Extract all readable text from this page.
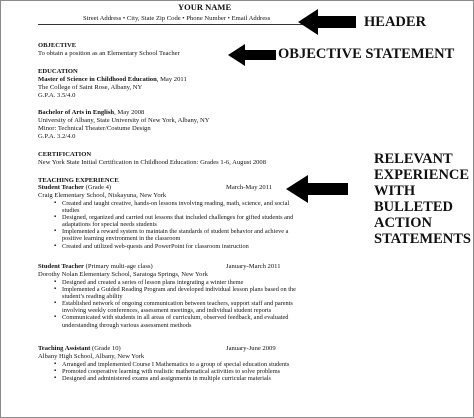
YOUR NAME
Street Address • City, State Zip Code • Phone Number • Email Address
OBJECTIVE
To obtain a position as an Elementary School Teacher
EDUCATION
Master of Science in Childhood Education, May 2011
The College of Saint Rose, Albany, NY
G.P.A. 3.5/4.0
Bachelor of Arts in English, May 2008
University of Albany, State University of New York, Albany, NY
Minor: Technical Theater/Costume Design
G.P.A. 3.2/4.0
CERTIFICATION
New York State Initial Certification in Childhood Education: Grades 1-6, August 2008
TEACHING EXPERIENCE
Student Teacher (Grade 4)	March-May 2011
Craig Elementary School, Niskayuna, New York
▪ Created and taught creative, hands-on lessons involving reading, math, science, and social studies
▪ Designed, organized and carried out lessons that included challenges for gifted students and adaptations for special needs students
▪ Implemented a reward system to maintain the standards of student behavior and achieve a positive learning environment in the classroom
▪ Created and utilized web-quests and PowerPoint for classroom instruction
Student Teacher (Primary multi-age class)	January-March 2011
Dorothy Nolan Elementary School, Saratoga Springs, New York
▪ Designed and created a series of lesson plans integrating a winter theme
▪ Implemented a Guided Reading Program and developed individual lesson plans based on the student’s reading ability
▪ Established network of ongoing communication between teachers, support staff and parents involving weekly conferences, assessment meetings, and individual student reports
▪ Communicated with students in all areas of curriculum, observed feedback, and evaluated understanding through various assessment methods
Teaching Assistant (Grade 10)	January-June 2009
Albany High School, Albany, New York
▪ Arranged and implemented Course I Mathematics to a group of special education students
▪ Promoted cooperative learning with realistic mathematical activities to solve problems
▪ Designed and administered exams and assignments in multiple curricular materials
HEADER
OBJECTIVE STATEMENT
RELEVANT
EXPERIENCE
WITH
BULLETED
ACTION
STATEMENTS
